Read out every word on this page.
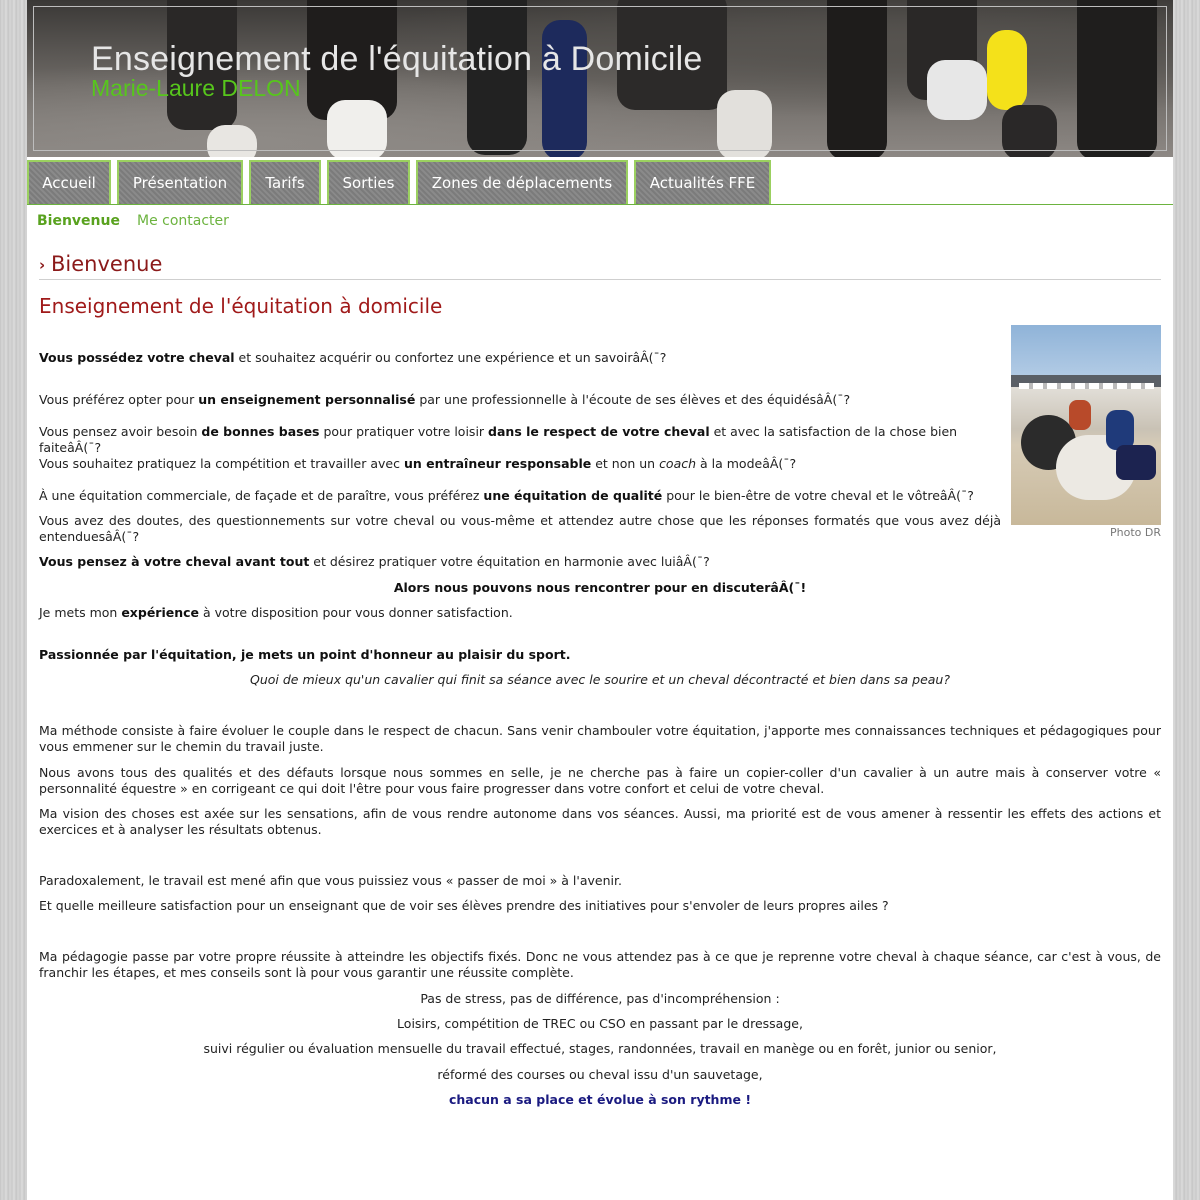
Enseignement de l'équitation à Domicile
Marie-Laure DELON
Accueil	Présentation	Tarifs	Sorties	Zones de déplacements	Actualités FFE
Bienvenue Me contacter
› Bienvenue
Enseignement de l'équitation à domicile
Photo DR
Vous possédez votre cheval et souhaitez acquérir ou confortez une expérience et un savoirâÂ(¯?
Vous préférez opter pour un enseignement personnalisé par une professionnelle à l'écoute de ses élèves et des équidésâÂ(¯?
Vous pensez avoir besoin de bonnes bases pour pratiquer votre loisir dans le respect de votre cheval et avec la satisfaction de la chose bien faiteâÂ(¯?
Vous souhaitez pratiquez la compétition et travailler avec un entraîneur responsable et non un coach à la modeâÂ(¯?
À une équitation commerciale, de façade et de paraître, vous préférez une équitation de qualité pour le bien-être de votre cheval et le vôtreâÂ(¯?
Vous avez des doutes, des questionnements sur votre cheval ou vous-même et attendez autre chose que les réponses formatés que vous avez déjà entenduesâÂ(¯?
Vous pensez à votre cheval avant tout et désirez pratiquer votre équitation en harmonie avec luiâÂ(¯?
Alors nous pouvons nous rencontrer pour en discuterâÂ(¯!
Je mets mon expérience à votre disposition pour vous donner satisfaction.
Passionnée par l'équitation, je mets un point d'honneur au plaisir du sport.
Quoi de mieux qu'un cavalier qui finit sa séance avec le sourire et un cheval décontracté et bien dans sa peau?
Ma méthode consiste à faire évoluer le couple dans le respect de chacun. Sans venir chambouler votre équitation, j'apporte mes connaissances techniques et pédagogiques pour vous emmener sur le chemin du travail juste.
Nous avons tous des qualités et des défauts lorsque nous sommes en selle, je ne cherche pas à faire un copier-coller d'un cavalier à un autre mais à conserver votre « personnalité équestre » en corrigeant ce qui doit l'être pour vous faire progresser dans votre confort et celui de votre cheval.
Ma vision des choses est axée sur les sensations, afin de vous rendre autonome dans vos séances. Aussi, ma priorité est de vous amener à ressentir les effets des actions et exercices et à analyser les résultats obtenus.
Paradoxalement, le travail est mené afin que vous puissiez vous « passer de moi » à l'avenir.
Et quelle meilleure satisfaction pour un enseignant que de voir ses élèves prendre des initiatives pour s'envoler de leurs propres ailes ?
Ma pédagogie passe par votre propre réussite à atteindre les objectifs fixés. Donc ne vous attendez pas à ce que je reprenne votre cheval à chaque séance, car c'est à vous, de franchir les étapes, et mes conseils sont là pour vous garantir une réussite complète.
Pas de stress, pas de différence, pas d'incompréhension :
Loisirs, compétition de TREC ou CSO en passant par le dressage,
suivi régulier ou évaluation mensuelle du travail effectué, stages, randonnées, travail en manège ou en forêt, junior ou senior,
réformé des courses ou cheval issu d'un sauvetage,
chacun a sa place et évolue à son rythme !
